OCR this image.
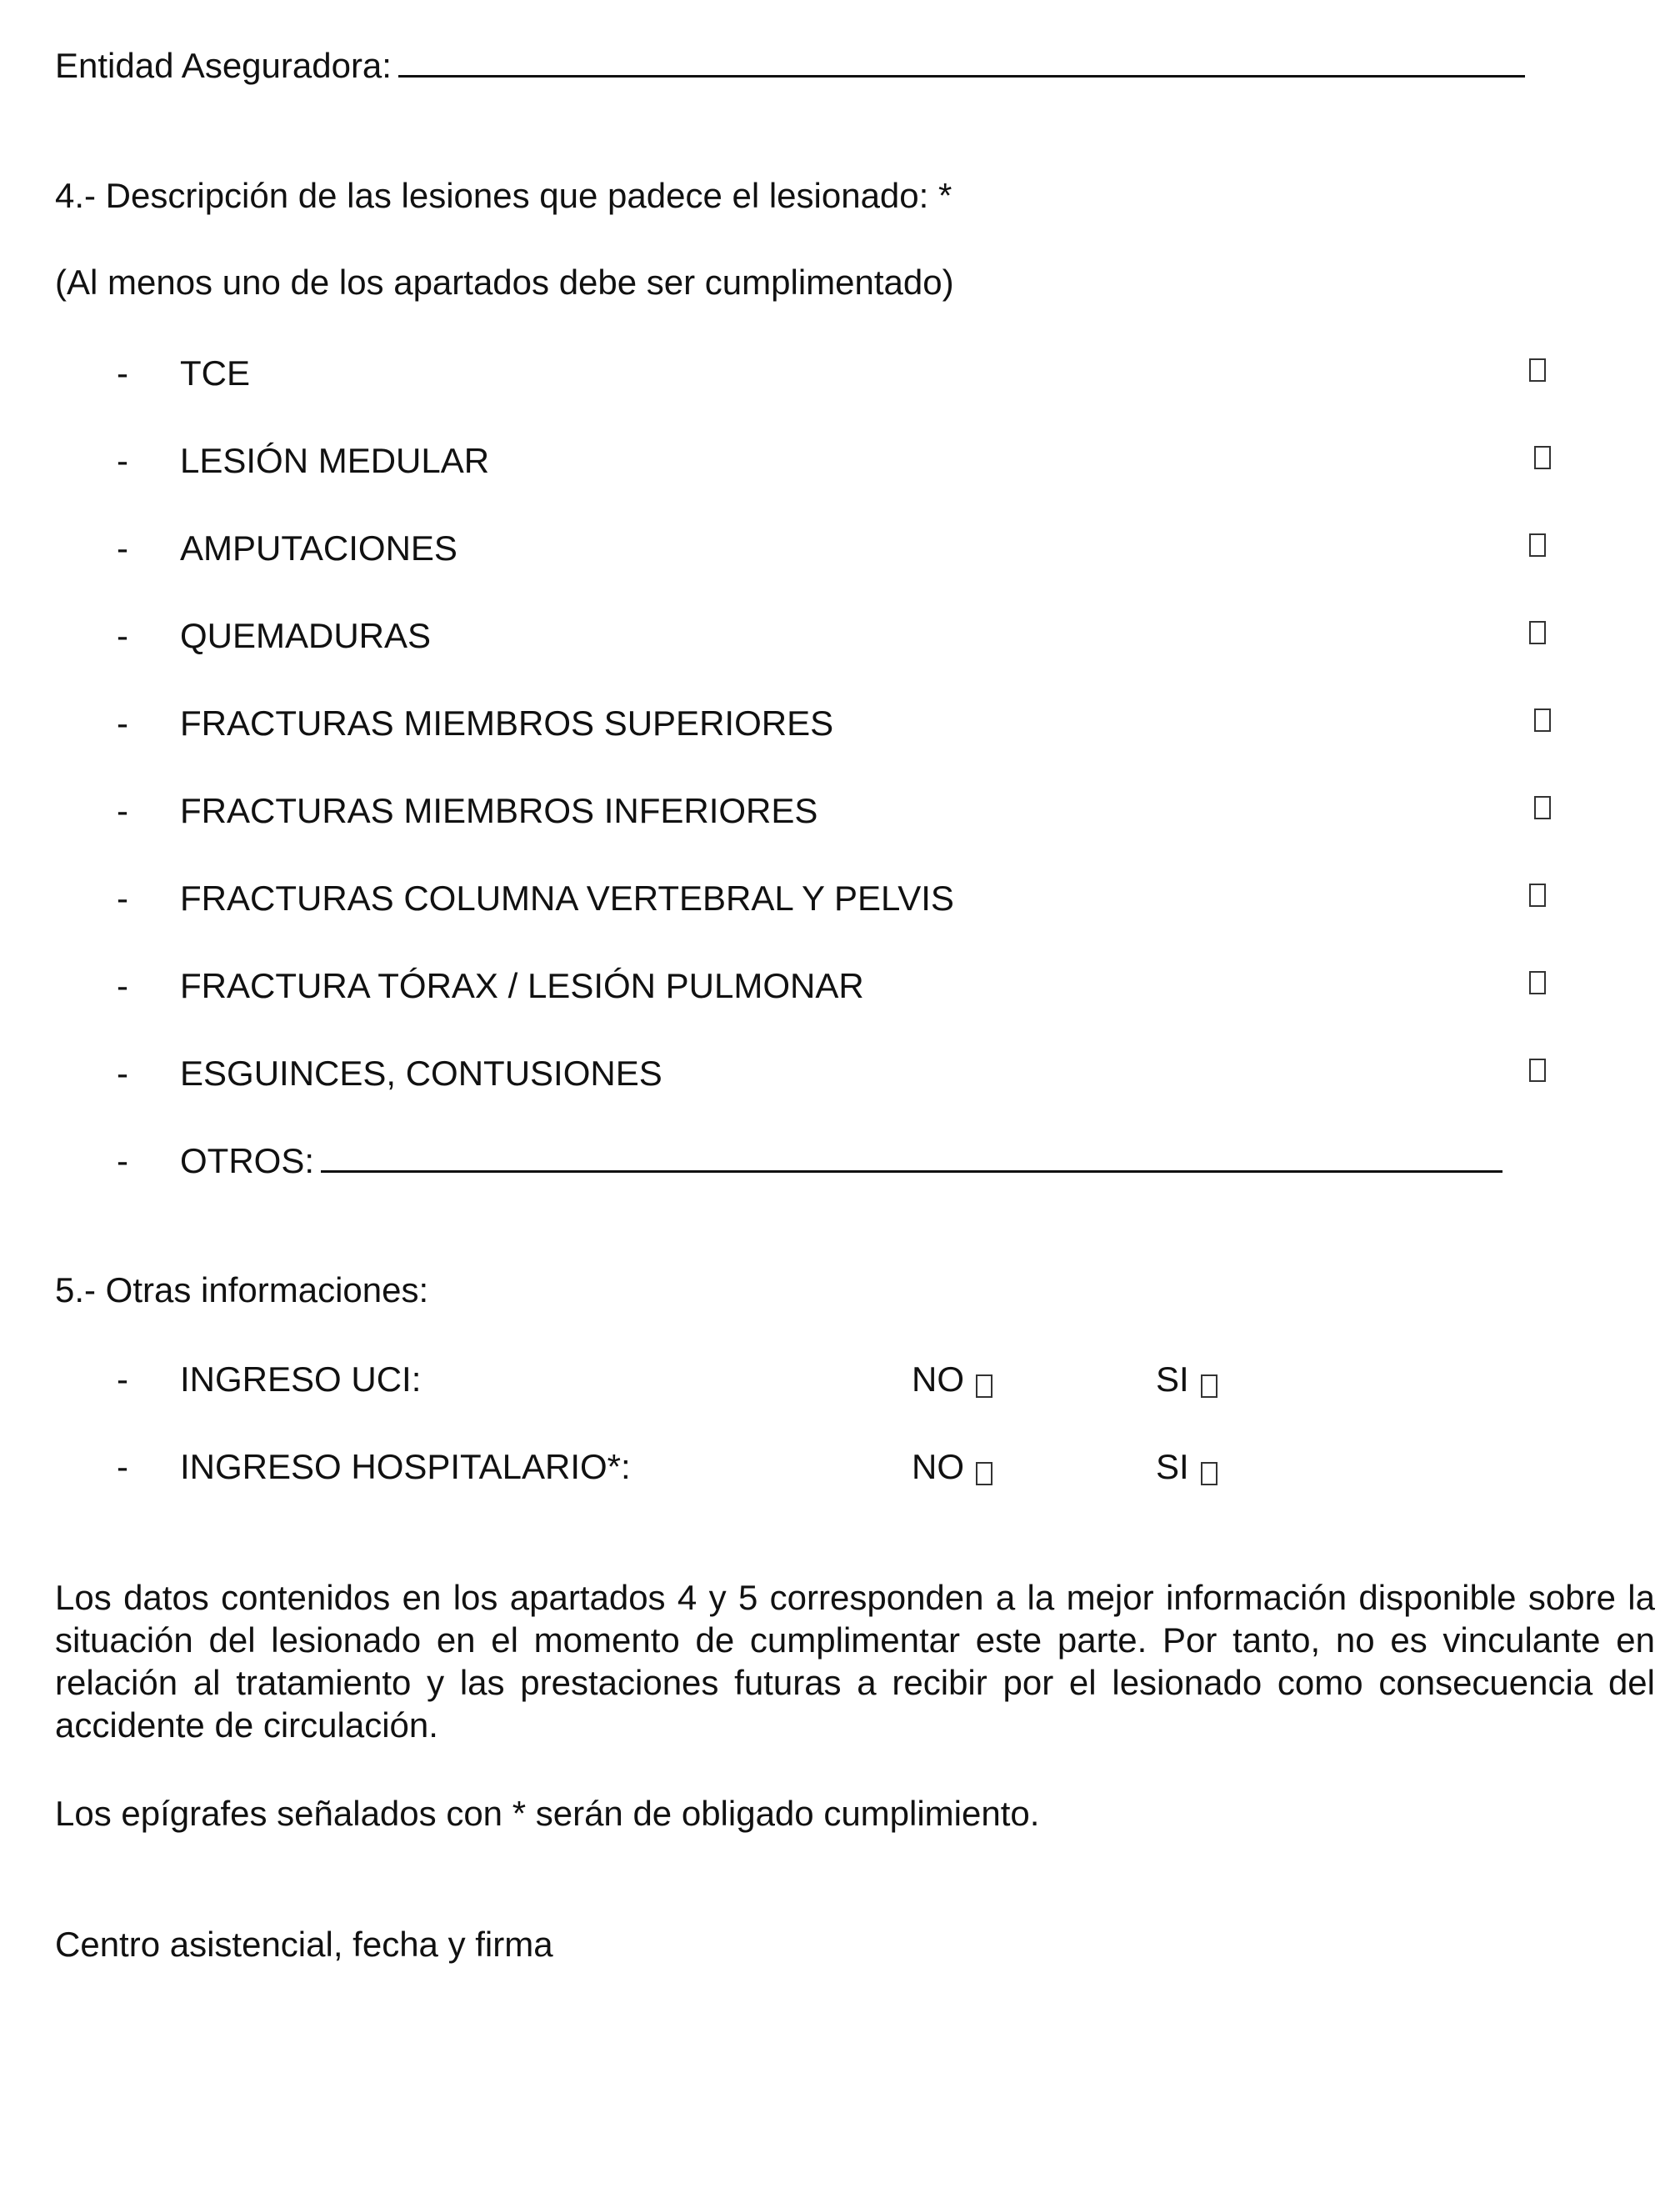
Entidad Aseguradora:
4.- Descripción de las lesiones que padece el lesionado: *
(Al menos uno de los apartados debe ser cumplimentado)
- TCE
- LESIÓN MEDULAR
- AMPUTACIONES
- QUEMADURAS
- FRACTURAS MIEMBROS SUPERIORES
- FRACTURAS MIEMBROS INFERIORES
- FRACTURAS COLUMNA VERTEBRAL Y PELVIS
- FRACTURA TÓRAX / LESIÓN PULMONAR
- ESGUINCES, CONTUSIONES
- OTROS:
5.- Otras informaciones:
- INGRESO UCI:	NO	SI
- INGRESO HOSPITALARIO*:	NO	SI
Los datos contenidos en los apartados 4 y 5 corresponden a la mejor información disponible sobre la situación del lesionado en el momento de cumplimentar este parte. Por tanto, no es vinculante en relación al tratamiento y las prestaciones futuras a recibir por el lesionado como consecuencia del accidente de circulación.
Los epígrafes señalados con * serán de obligado cumplimiento.
Centro asistencial, fecha y firma
